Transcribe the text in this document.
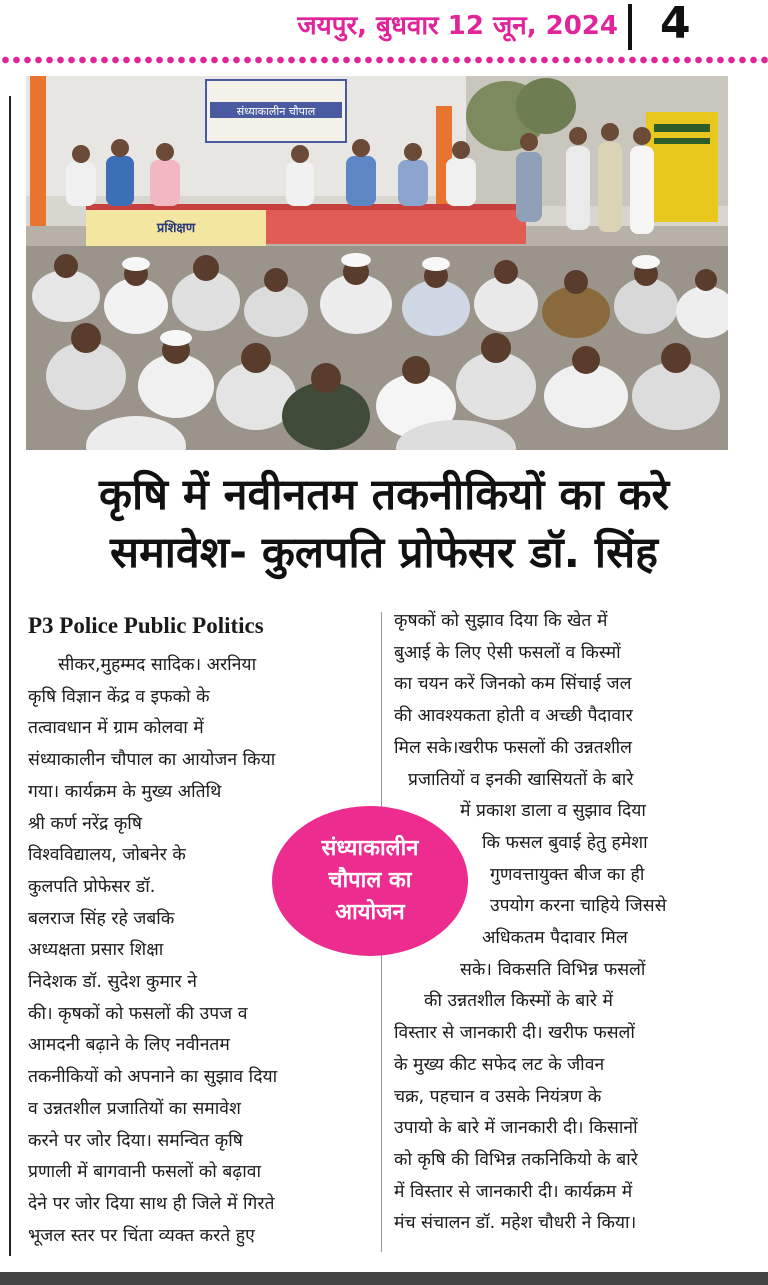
जयपुर, बुधवार 12 जून, 2024 4
संध्याकालीन चौपाल
प्रशिक्षण
कृषि में नवीनतम तकनीकियों का करे
समावेश- कुलपति प्रोफेसर डॉ. सिंह
P3 Police Public Politics
सीकर,मुहम्मद सादिक। अरनिया
कृषि विज्ञान केंद्र व इफको के
तत्वावधान में ग्राम कोलवा में
संध्याकालीन चौपाल का आयोजन किया
गया। कार्यक्रम के मुख्य अतिथि
श्री कर्ण नरेंद्र कृषि
विश्वविद्यालय, जोबनेर के
कुलपति प्रोफेसर डॉ.
बलराज सिंह रहे जबकि
अध्यक्षता प्रसार शिक्षा
निदेशक डॉ. सुदेश कुमार ने
की। कृषकों को फसलों की उपज व
आमदनी बढ़ाने के लिए नवीनतम
तकनीकियों को अपनाने का सुझाव दिया
व उन्नतशील प्रजातियों का समावेश
करने पर जोर दिया। समन्वित कृषि
प्रणाली में बागवानी फसलों को बढ़ावा
देने पर जोर दिया साथ ही जिले में गिरते
भूजल स्तर पर चिंता व्यक्त करते हुए
कृषकों को सुझाव दिया कि खेत में
बुआई के लिए ऐसी फसलों व किस्मों
का चयन करें जिनको कम सिंचाई जल
की आवश्यकता होती व अच्छी पैदावार
मिल सके।खरीफ फसलों की उन्नतशील
प्रजातियों व इनकी खासियतों के बारे
में प्रकाश डाला व सुझाव दिया
कि फसल बुवाई हेतु हमेशा
गुणवत्तायुक्त बीज का ही
उपयोग करना चाहिये जिससे
अधिकतम पैदावार मिल
सके। विकसति विभिन्न फसलों
की उन्नतशील किस्मों के बारे में
विस्तार से जानकारी दी। खरीफ फसलों
के मुख्य कीट सफेद लट के जीवन
चक्र, पहचान व उसके नियंत्रण के
उपायो के बारे में जानकारी दी। किसानों
को कृषि की विभिन्न तकनिकियो के बारे
में विस्तार से जानकारी दी। कार्यक्रम में
मंच संचालन डॉ. महेश चौधरी ने किया।
संध्याकालीन
चौपाल का
आयोजन
